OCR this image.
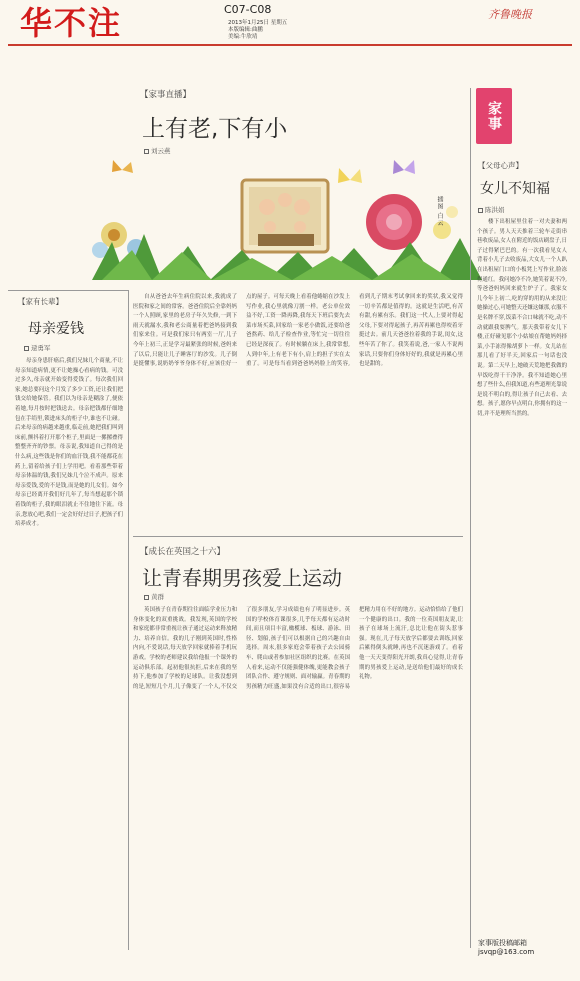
华不注	C07-C08
2013年1月25日 星期五
本版编辑:曲鹏
美编:牛欣靖
齐鲁晚报
【家事直播】
上有老,下有小
刘云燕
插图 白云
家事
【父母心声】
女儿不知福
陈洪娟

楼下出租屋里住着一对夫妻和两个孩子。男人天天推着三轮车走街串巷收废品,女人在附近的饭店刷盘子,日子过得紧巴巴的。有一次我看见女人背着小儿子去收废品,大女儿一个人趴在出租屋门口的小板凳上写作业,脸冻得通红。我问她冷不冷,她笑着说不冷,等爸爸妈妈回来就生炉子了。我家女儿今年上初二,吃的穿的用的从来没让她操过心,可她整天还嫌这嫌那,衣服不是名牌不穿,饭菜不合口味就不吃,动不动就跟我耍脾气。那天我带着女儿下楼,正好碰见那个小姑娘在帮她妈妈择菜,小手冻得像胡萝卜一样。女儿站在那儿看了好半天,回家后一句话也没说。第二天早上,她破天荒地把我做的早饭吃得干干净净。我不知道她心里想了些什么,但我知道,有些道理光靠说是说不明白的,得让孩子自己去看、去想。孩子,愿你早点明白,你拥有的这一切,并不是理所当然的。

家事版投稿邮箱
jsvqp@163.com
【家有长辈】
母亲爱钱
逯勇军

母亲身患肝癌后,我们兄妹几个商量,不让母亲知道病情,更不让她操心看病的钱。可没过多久,母亲就开始变得爱钱了。每次我们回家,她总要问这个月发了多少工资,还让我们把钱交给她保管。我们以为母亲是糊涂了,便依着她,每月按时把钱送去。母亲把钱都仔细地包在手绢里,锁进床头的柜子中,谁也不让碰。后来母亲的病越来越重,临走前,她把我们叫到床前,颤抖着打开那个柜子,里面是一摞摞叠得整整齐齐的钞票。母亲说,我知道自己得的是什么病,这些钱是你们的血汗钱,我不能都花在药上,留着给孩子们上学用吧。看着那些带着母亲体温的钱,我们兄妹几个泣不成声。原来母亲爱钱,爱的不是钱,而是她的儿女们。如今母亲已经离开我们好几年了,每当想起那个锁着钱的柜子,我的眼泪就止不住地往下流。母亲,您放心吧,我们一定会好好过日子,把孩子们培养成才。

自从爸爸去年生病住院以来,我就成了医院和家之间的常客。爸爸住院后全靠妈妈一个人照顾,家里的老房子年久失修,一到下雨天就漏水,我和老公商量着把爸妈接到我们家来住。可是我们家只有两室一厅,儿子今年上初三,正是学习最紧张的时候,爸妈来了以后,只能让儿子睡客厅的沙发。儿子倒是挺懂事,说奶奶爷爷身体不好,应该住好一点的屋子。可每天晚上看着他蜷缩在沙发上写作业,我心里就像刀割一样。老公单位效益不好,工资一降再降,我每天下班后要先去菜市场买菜,回家给一家老小做饭,还要给爸爸熬药、给儿子检查作业,等忙完一切往往已经是深夜了。有时候躺在床上,我常常想,人到中年,上有老下有小,肩上的担子实在太重了。可是每当看到爸爸妈妈脸上的笑容,看到儿子期末考试拿回来的奖状,我又觉得一切辛苦都是值得的。这就是生活吧,有苦有甜,有累有乐。我们这一代人,上要对得起父母,下要对得起孩子,再苦再累也得咬着牙挺过去。前几天爸爸拉着我的手说,闺女,这些年苦了你了。我笑着说,爸,一家人不说两家话,只要你们身体好好的,我就是再累心里也是甜的。

【成长在英国之十六】
让青春期男孩爱上运动
黄群

英国孩子在青春期往往面临学业压力和身体变化的双重挑战。我发现,英国的学校和家庭都非常重视让孩子通过运动来释放精力、培养自信。我的儿子刚到英国时,性格内向,不爱说话,每天放学回家就捧着手机玩游戏。学校的老师建议我给他报一个课外的运动俱乐部。起初他很抗拒,后来在我的坚持下,他参加了学校的足球队。让我没想到的是,短短几个月,儿子像变了一个人,不仅交了很多朋友,学习成绩也有了明显进步。英国的学校体育课很多,几乎每天都有运动时间,而且项目丰富,橄榄球、板球、游泳、田径、划船,孩子们可以根据自己的兴趣自由选择。周末,很多家庭会带着孩子去公园骑车、爬山或者参加社区组织的比赛。在英国人看来,运动不仅能强健体魄,更能教会孩子团队合作、遵守规则、面对输赢。青春期的男孩精力旺盛,如果没有合适的出口,很容易把精力用在不好的地方。运动恰恰给了他们一个健康的出口。我的一位英国朋友说,让孩子在球场上流汗,总比让他在街头惹事强。现在,儿子每天放学后都要去训练,回家后累得倒头就睡,再也不沉迷游戏了。看着他一天天变得阳光开朗,我真心觉得,让青春期的男孩爱上运动,是送给他们最好的成长礼物。
